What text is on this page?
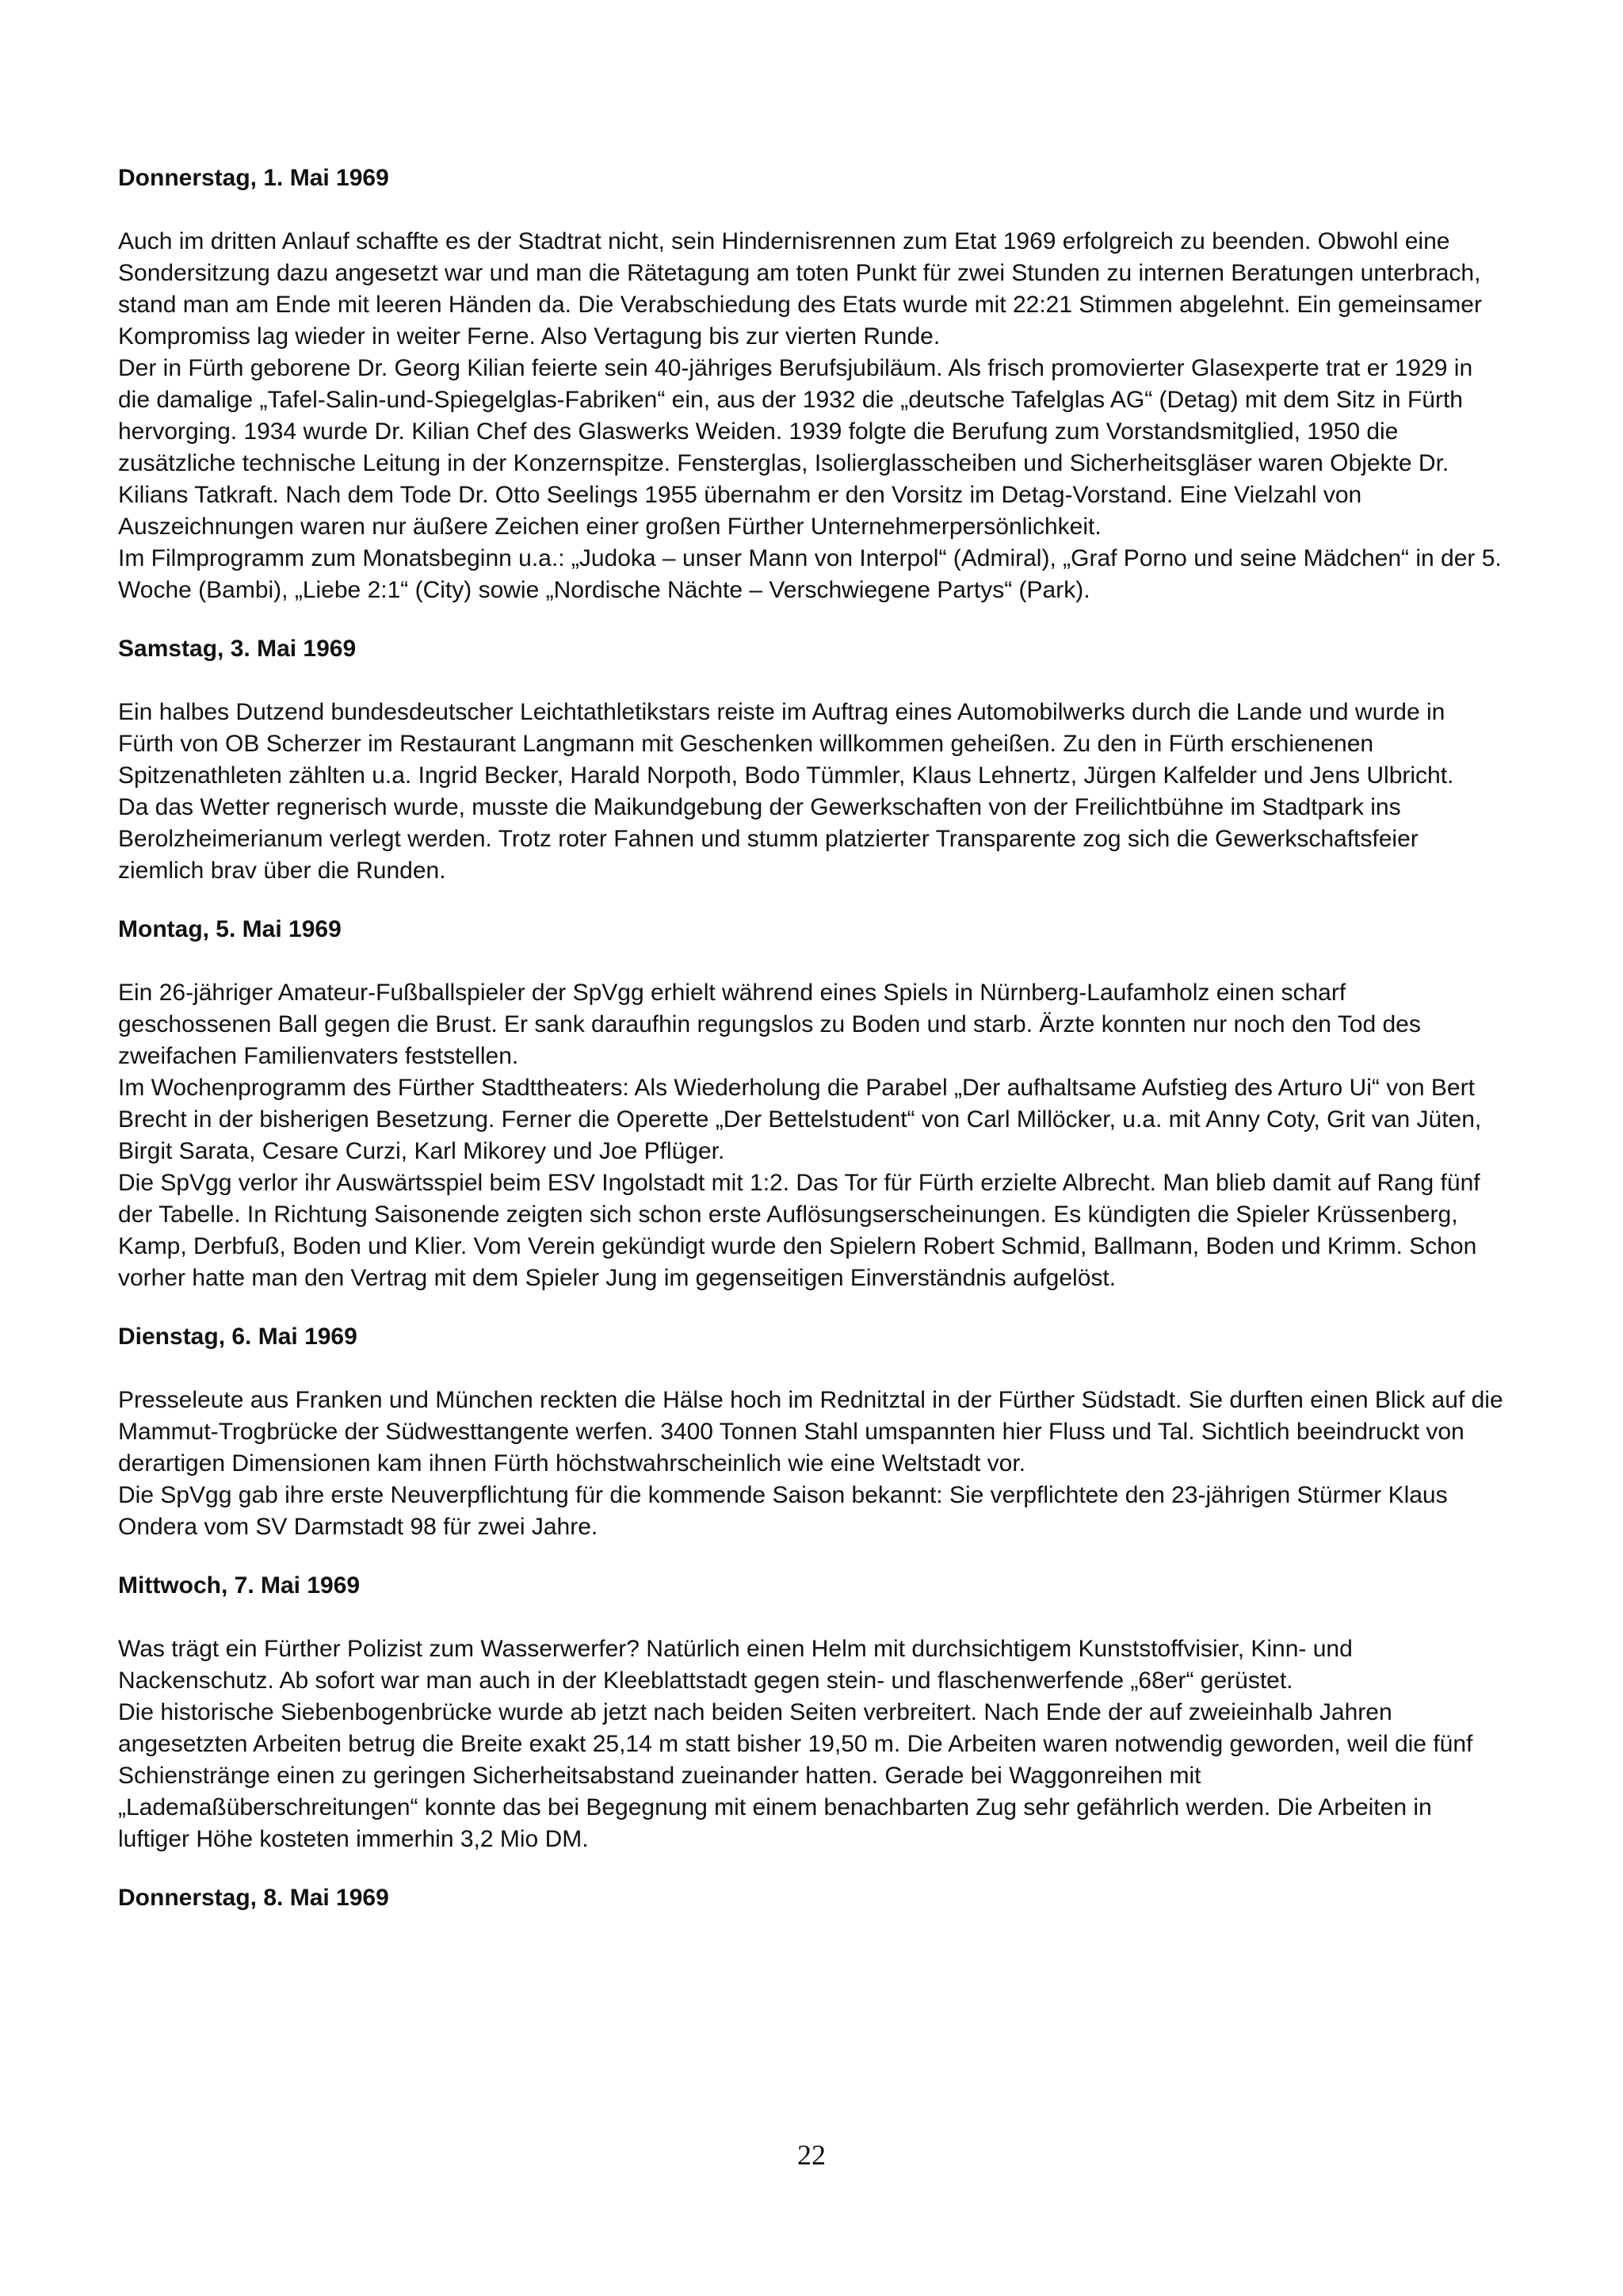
Donnerstag, 1. Mai 1969

Auch im dritten Anlauf schaffte es der Stadtrat nicht, sein Hindernisrennen zum Etat 1969 erfolgreich zu beenden. Obwohl eine Sondersitzung dazu angesetzt war und man die Rätetagung am toten Punkt für zwei Stunden zu internen Beratungen unterbrach, stand man am Ende mit leeren Händen da. Die Verabschiedung des Etats wurde mit 22:21 Stimmen abgelehnt. Ein gemeinsamer Kompromiss lag wieder in weiter Ferne. Also Vertagung bis zur vierten Runde.

Der in Fürth geborene Dr. Georg Kilian feierte sein 40-jähriges Berufsjubiläum. Als frisch promovierter Glasexperte trat er 1929 in die damalige „Tafel-Salin-und-Spiegelglas-Fabriken“ ein, aus der 1932 die „deutsche Tafelglas AG“ (Detag) mit dem Sitz in Fürth hervorging. 1934 wurde Dr. Kilian Chef des Glaswerks Weiden. 1939 folgte die Berufung zum Vorstandsmitglied, 1950 die zusätzliche technische Leitung in der Konzernspitze. Fensterglas, Isolierglasscheiben und Sicherheitsgläser waren Objekte Dr. Kilians Tatkraft. Nach dem Tode Dr. Otto Seelings 1955 übernahm er den Vorsitz im Detag-Vorstand. Eine Vielzahl von Auszeichnungen waren nur äußere Zeichen einer großen Fürther Unternehmerpersönlichkeit.

Im Filmprogramm zum Monatsbeginn u.a.: „Judoka – unser Mann von Interpol“ (Admiral), „Graf Porno und seine Mädchen“ in der 5. Woche (Bambi), „Liebe 2:1“ (City) sowie „Nordische Nächte – Verschwiegene Partys“ (Park).

Samstag, 3. Mai 1969

Ein halbes Dutzend bundesdeutscher Leichtathletikstars reiste im Auftrag eines Automobilwerks durch die Lande und wurde in Fürth von OB Scherzer im Restaurant Langmann mit Geschenken willkommen geheißen. Zu den in Fürth erschienenen Spitzenathleten zählten u.a. Ingrid Becker, Harald Norpoth, Bodo Tümmler, Klaus Lehnertz, Jürgen Kalfelder und Jens Ulbricht.

Da das Wetter regnerisch wurde, musste die Maikundgebung der Gewerkschaften von der Freilichtbühne im Stadtpark ins Berolzheimerianum verlegt werden. Trotz roter Fahnen und stumm platzierter Transparente zog sich die Gewerkschaftsfeier ziemlich brav über die Runden.

Montag, 5. Mai 1969

Ein 26-jähriger Amateur-Fußballspieler der SpVgg erhielt während eines Spiels in Nürnberg-Laufamholz einen scharf geschossenen Ball gegen die Brust. Er sank daraufhin regungslos zu Boden und starb. Ärzte konnten nur noch den Tod des zweifachen Familienvaters feststellen.

Im Wochenprogramm des Fürther Stadttheaters: Als Wiederholung die Parabel „Der aufhaltsame Aufstieg des Arturo Ui“ von Bert Brecht in der bisherigen Besetzung. Ferner die Operette „Der Bettelstudent“ von Carl Millöcker, u.a. mit Anny Coty, Grit van Jüten, Birgit Sarata, Cesare Curzi, Karl Mikorey und Joe Pflüger.

Die SpVgg verlor ihr Auswärtsspiel beim ESV Ingolstadt mit 1:2. Das Tor für Fürth erzielte Albrecht. Man blieb damit auf Rang fünf der Tabelle. In Richtung Saisonende zeigten sich schon erste Auflösungserscheinungen. Es kündigten die Spieler Krüssenberg, Kamp, Derbfuß, Boden und Klier. Vom Verein gekündigt wurde den Spielern Robert Schmid, Ballmann, Boden und Krimm. Schon vorher hatte man den Vertrag mit dem Spieler Jung im gegenseitigen Einverständnis aufgelöst.

Dienstag, 6. Mai 1969

Presseleute aus Franken und München reckten die Hälse hoch im Rednitztal in der Fürther Südstadt. Sie durften einen Blick auf die Mammut-Trogbrücke der Südwesttangente werfen. 3400 Tonnen Stahl umspannten hier Fluss und Tal. Sichtlich beeindruckt von derartigen Dimensionen kam ihnen Fürth höchstwahrscheinlich wie eine Weltstadt vor.

Die SpVgg gab ihre erste Neuverpflichtung für die kommende Saison bekannt: Sie verpflichtete den 23-jährigen Stürmer Klaus Ondera vom SV Darmstadt 98 für zwei Jahre.

Mittwoch, 7. Mai 1969

Was trägt ein Fürther Polizist zum Wasserwerfer? Natürlich einen Helm mit durchsichtigem Kunststoffvisier, Kinn- und Nackenschutz. Ab sofort war man auch in der Kleeblattstadt gegen stein- und flaschenwerfende „68er“ gerüstet.

Die historische Siebenbogenbrücke wurde ab jetzt nach beiden Seiten verbreitert. Nach Ende der auf zweieinhalb Jahren angesetzten Arbeiten betrug die Breite exakt 25,14 m statt bisher 19,50 m. Die Arbeiten waren notwendig geworden, weil die fünf Schienstränge einen zu geringen Sicherheitsabstand zueinander hatten. Gerade bei Waggonreihen mit „Lademaßüberschreitungen“ konnte das bei Begegnung mit einem benachbarten Zug sehr gefährlich werden. Die Arbeiten in luftiger Höhe kosteten immerhin 3,2 Mio DM.

Donnerstag, 8. Mai 1969
22
